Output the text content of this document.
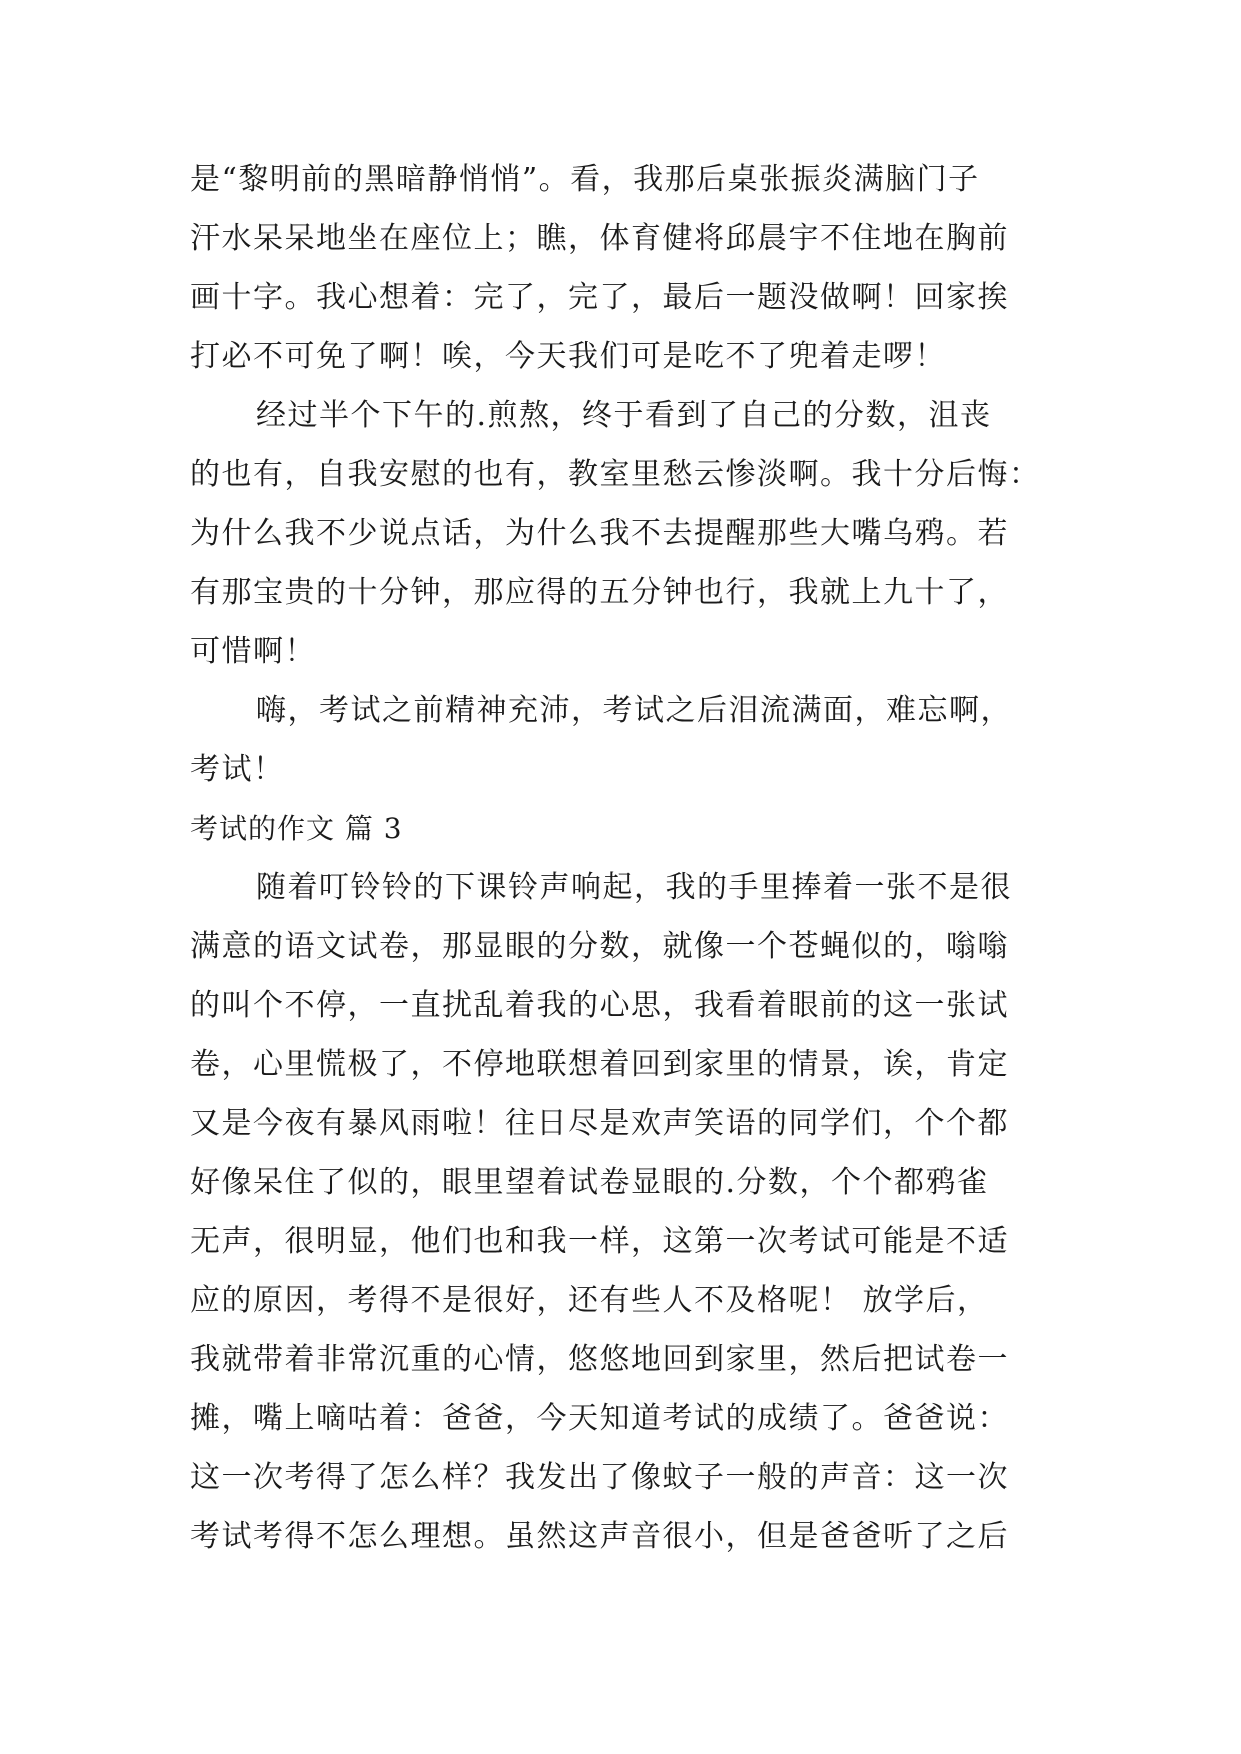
是“黎明前的黑暗静悄悄”。看，我那后桌张振炎满脑门子
汗水呆呆地坐在座位上；瞧，体育健将邱晨宇不住地在胸前
画十字。我心想着：完了，完了，最后一题没做啊！回家挨
打必不可免了啊！唉，今天我们可是吃不了兜着走啰！
经过半个下午的.煎熬，终于看到了自己的分数，沮丧
的也有，自我安慰的也有，教室里愁云惨淡啊。我十分后悔：
为什么我不少说点话，为什么我不去提醒那些大嘴乌鸦。若
有那宝贵的十分钟，那应得的五分钟也行，我就上九十了，
可惜啊！
嗨，考试之前精神充沛，考试之后泪流满面，难忘啊，
考试！
考试的作文 篇 3
随着叮铃铃的下课铃声响起，我的手里捧着一张不是很
满意的语文试卷，那显眼的分数，就像一个苍蝇似的，嗡嗡
的叫个不停，一直扰乱着我的心思，我看着眼前的这一张试
卷，心里慌极了，不停地联想着回到家里的情景，诶，肯定
又是今夜有暴风雨啦！往日尽是欢声笑语的同学们，个个都
好像呆住了似的，眼里望着试卷显眼的.分数，个个都鸦雀
无声，很明显，他们也和我一样，这第一次考试可能是不适
应的原因，考得不是很好，还有些人不及格呢！ 放学后，
我就带着非常沉重的心情，悠悠地回到家里，然后把试卷一
摊，嘴上嘀咕着：爸爸，今天知道考试的成绩了。爸爸说：
这一次考得了怎么样？我发出了像蚊子一般的声音：这一次
考试考得不怎么理想。虽然这声音很小，但是爸爸听了之后
